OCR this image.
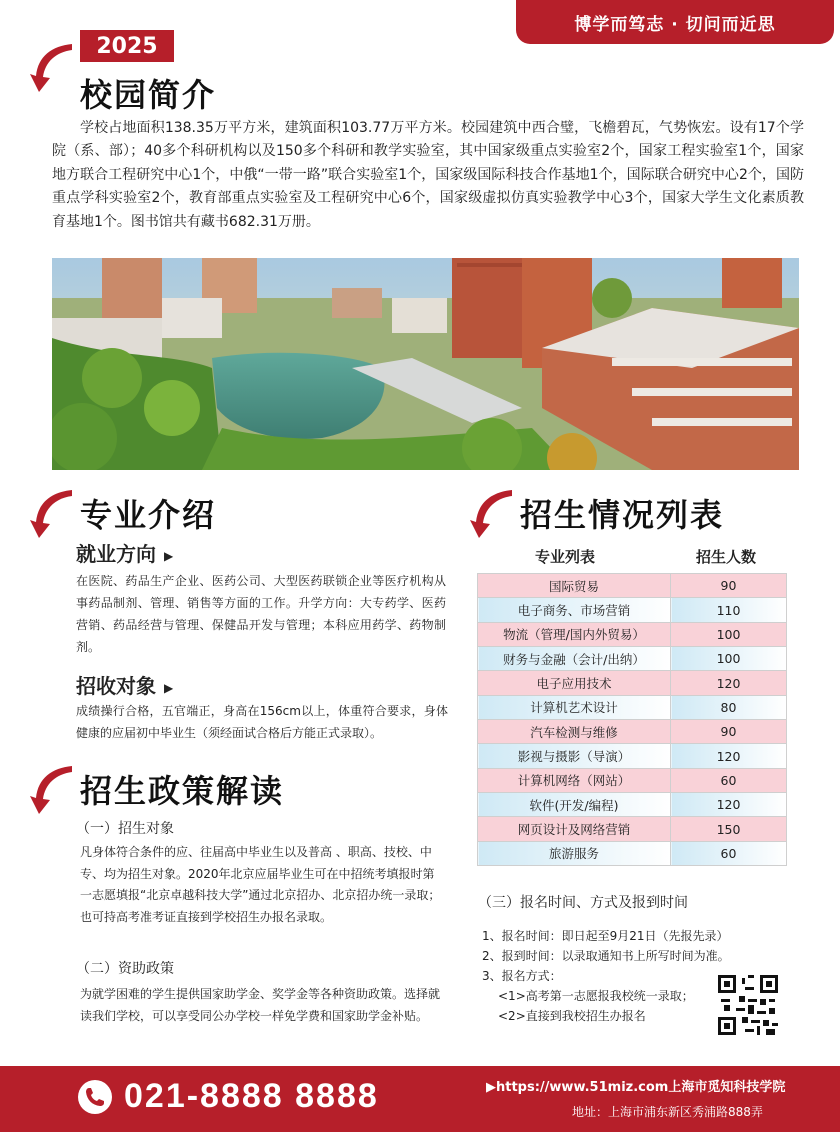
博学而笃志 · 切问而近思
2025
校园简介
学校占地面积138.35万平方米，建筑面积103.77万平方米。校园建筑中西合璧，飞檐碧瓦，气势恢宏。设有17个学院（系、部）；40多个科研机构以及150多个科研和教学实验室，其中国家级重点实验室2个，国家工程实验室1个，国家地方联合工程研究中心1个，中俄“一带一路”联合实验室1个，国家级国际科技合作基地1个，国际联合研究中心2个，国防重点学科实验室2个，教育部重点实验室及工程研究中心6个，国家级虚拟仿真实验教学中心3个，国家大学生文化素质教育基地1个。图书馆共有藏书682.31万册。
专业介绍
就业方向 ▶
在医院、药品生产企业、医药公司、大型医药联锁企业等医疗机构从事药品制剂、管理、销售等方面的工作。升学方向：大专药学、医药营销、药品经营与管理、保健品开发与管理；本科应用药学、药物制剂。
招收对象 ▶
成绩操行合格，五官端正，身高在156cm以上，体重符合要求，身体健康的应届初中毕业生（须经面试合格后方能正式录取）。
招生政策解读
（一）招生对象
凡身体符合条件的应、往届高中毕业生以及普高 、职高、技校、中专、均为招生对象。2020年北京应届毕业生可在中招统考填报时第一志愿填报“北京卓越科技大学”通过北京招办、北京招办统一录取；也可持高考准考证直接到学校招生办报名录取。
（二）资助政策
为就学困难的学生提供国家助学金、奖学金等各种资助政策。选择就读我们学校，可以享受同公办学校一样免学费和国家助学金补贴。
招生情况列表
专业列表	招生人数
国际贸易	90
电子商务、市场营销	110
物流（管理/国内外贸易）	100
财务与金融（会计/出纳）	100
电子应用技术	120
计算机艺术设计	80
汽车检测与维修	90
影视与摄影（导演）	120
计算机网络（网站）	60
软件(开发/编程)	120
网页设计及网络营销	150
旅游服务	60
（三）报名时间、方式及报到时间
1、报名时间：即日起至9月21日（先报先录）
2、报到时间：以录取通知书上所写时间为准。
3、报名方式：
<1>高考第一志愿报我校统一录取；
<2>直接到我校招生办报名
021-8888 8888	▶https://www.51miz.com上海市觅知科技学院
地址：上海市浦东新区秀浦路888弄
